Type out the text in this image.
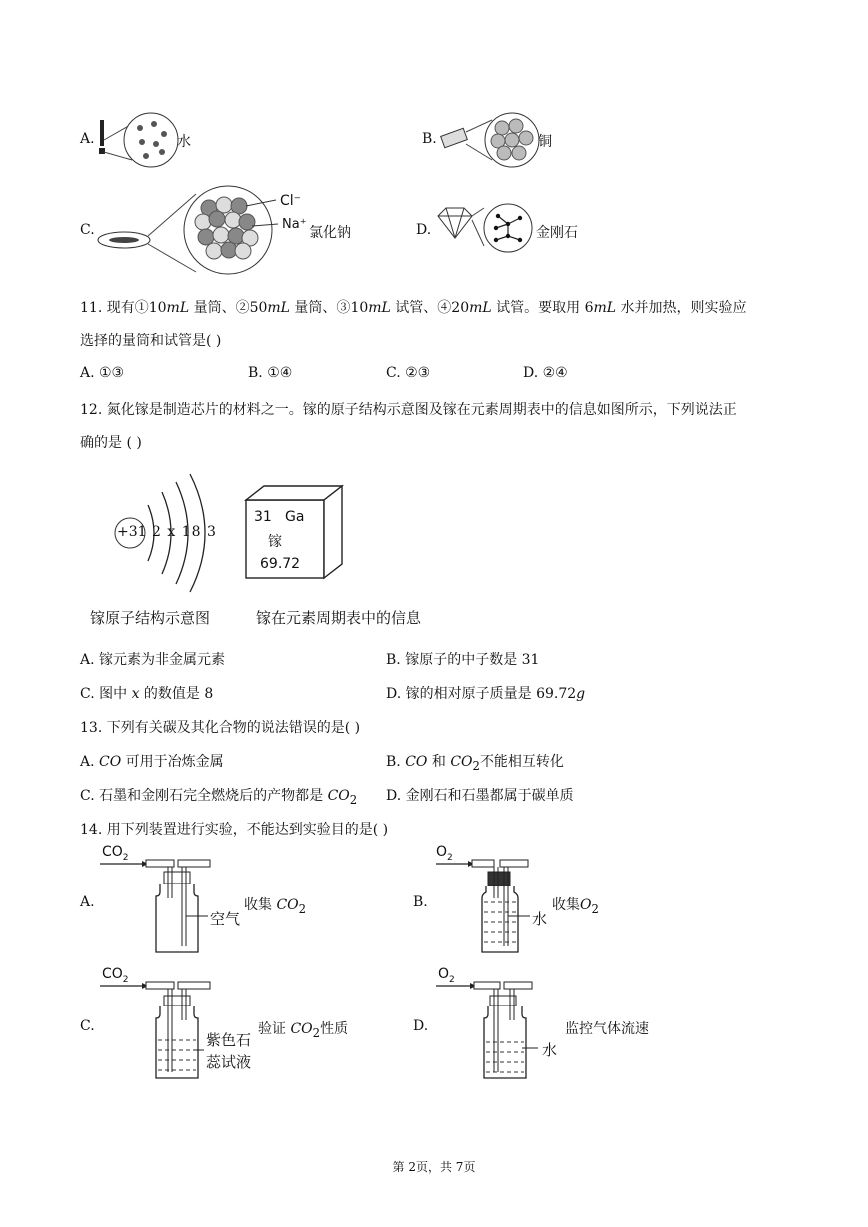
A.	水	B.	铜
C.
Cl⁻
Na⁺
氯化钠	D.	金刚石
11. 现有①10mL 量筒、②50mL 量筒、③10mL 试管、④20mL 试管。要取用 6mL 水并加热，则实验应
选择的量筒和试管是( )
A. ①③	B. ①④	C. ②③	D. ②④
12. 氮化镓是制造芯片的材料之一。镓的原子结构示意图及镓在元素周期表中的信息如图所示，下列说法正
确的是 ( )
+31 2 x 18 3
31 Ga
镓
69.72
镓原子结构示意图	镓在元素周期表中的信息
A. 镓元素为非金属元素	B. 镓原子的中子数是 31
C. 图中 x 的数值是 8	D. 镓的相对原子质量是 69.72g
13. 下列有关碳及其化合物的说法错误的是( )
A. CO 可用于冶炼金属	B. CO 和 $CO_2$不能相互转化
C. 石墨和金刚石完全燃烧后的产物都是 $CO_2$ D. 金刚石和石墨都属于碳单质
14. 用下列装置进行实验，不能达到实验目的是( )
A.
$CO_2$
收集 $CO_2$
空气
B.
$O_2$
收集$O_2$
水
C.
$CO_2$
验证 $CO_2$性质
紫色石
蕊试液
D.
$O_2$
监控气体流速
水
第 2页，共 7页
